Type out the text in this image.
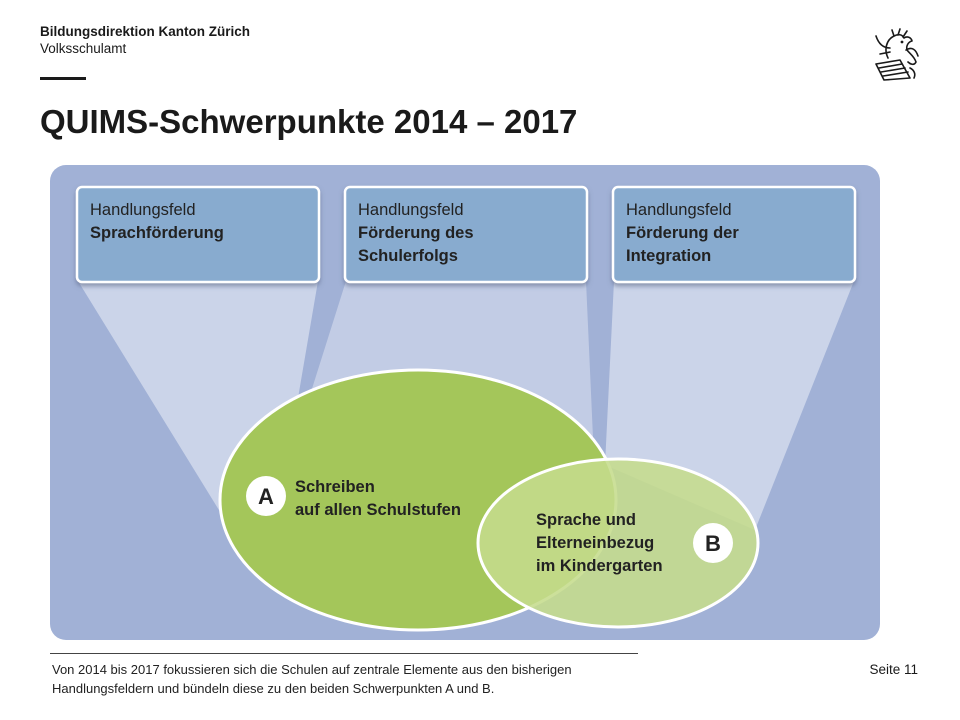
Bildungsdirektion Kanton Zürich
Volksschulamt
QUIMS-Schwerpunkte 2014 – 2017
Handlungsfeld
Sprachförderung
Handlungsfeld
Förderung des
Schulerfolgs
Handlungsfeld
Förderung der
Integration
A Schreiben
auf allen Schulstufen
B
Sprache und
Elterneinbezug
im Kindergarten
Von 2014 bis 2017 fokussieren sich die Schulen auf zentrale Elemente aus den bisherigen Handlungsfeldern und bündeln diese zu den beiden Schwerpunkten A und B.
Seite 11
